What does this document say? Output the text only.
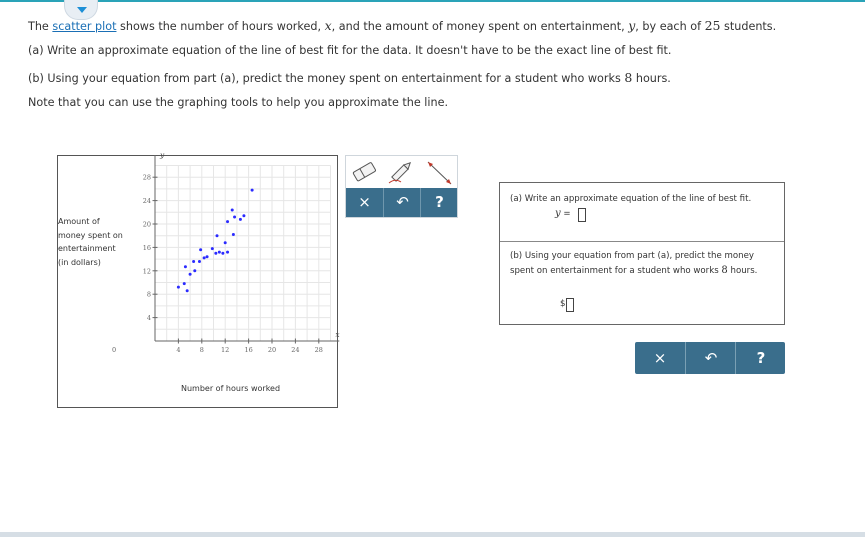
The scatter plot shows the number of hours worked, x, and the amount of money spent on entertainment, y, by each of 25 students.
(a) Write an approximate equation of the line of best fit for the data. It doesn't have to be the exact line of best fit.
(b) Using your equation from part (a), predict the money spent on entertainment for a student who works 8 hours.
Note that you can use the graphing tools to help you approximate the line.
4	8	12 16 20 24 28
4
8
12
16
20
24
28
0
x
y
Amount of
money spent on
entertainment
(in dollars)
Number of hours worked
×	↶	?	(a) Write an approximate equation of the line of best fit.
y =
(b) Using your equation from part (a), predict the money
spent on entertainment for a student who works 8 hours.
$
×	↶	?
